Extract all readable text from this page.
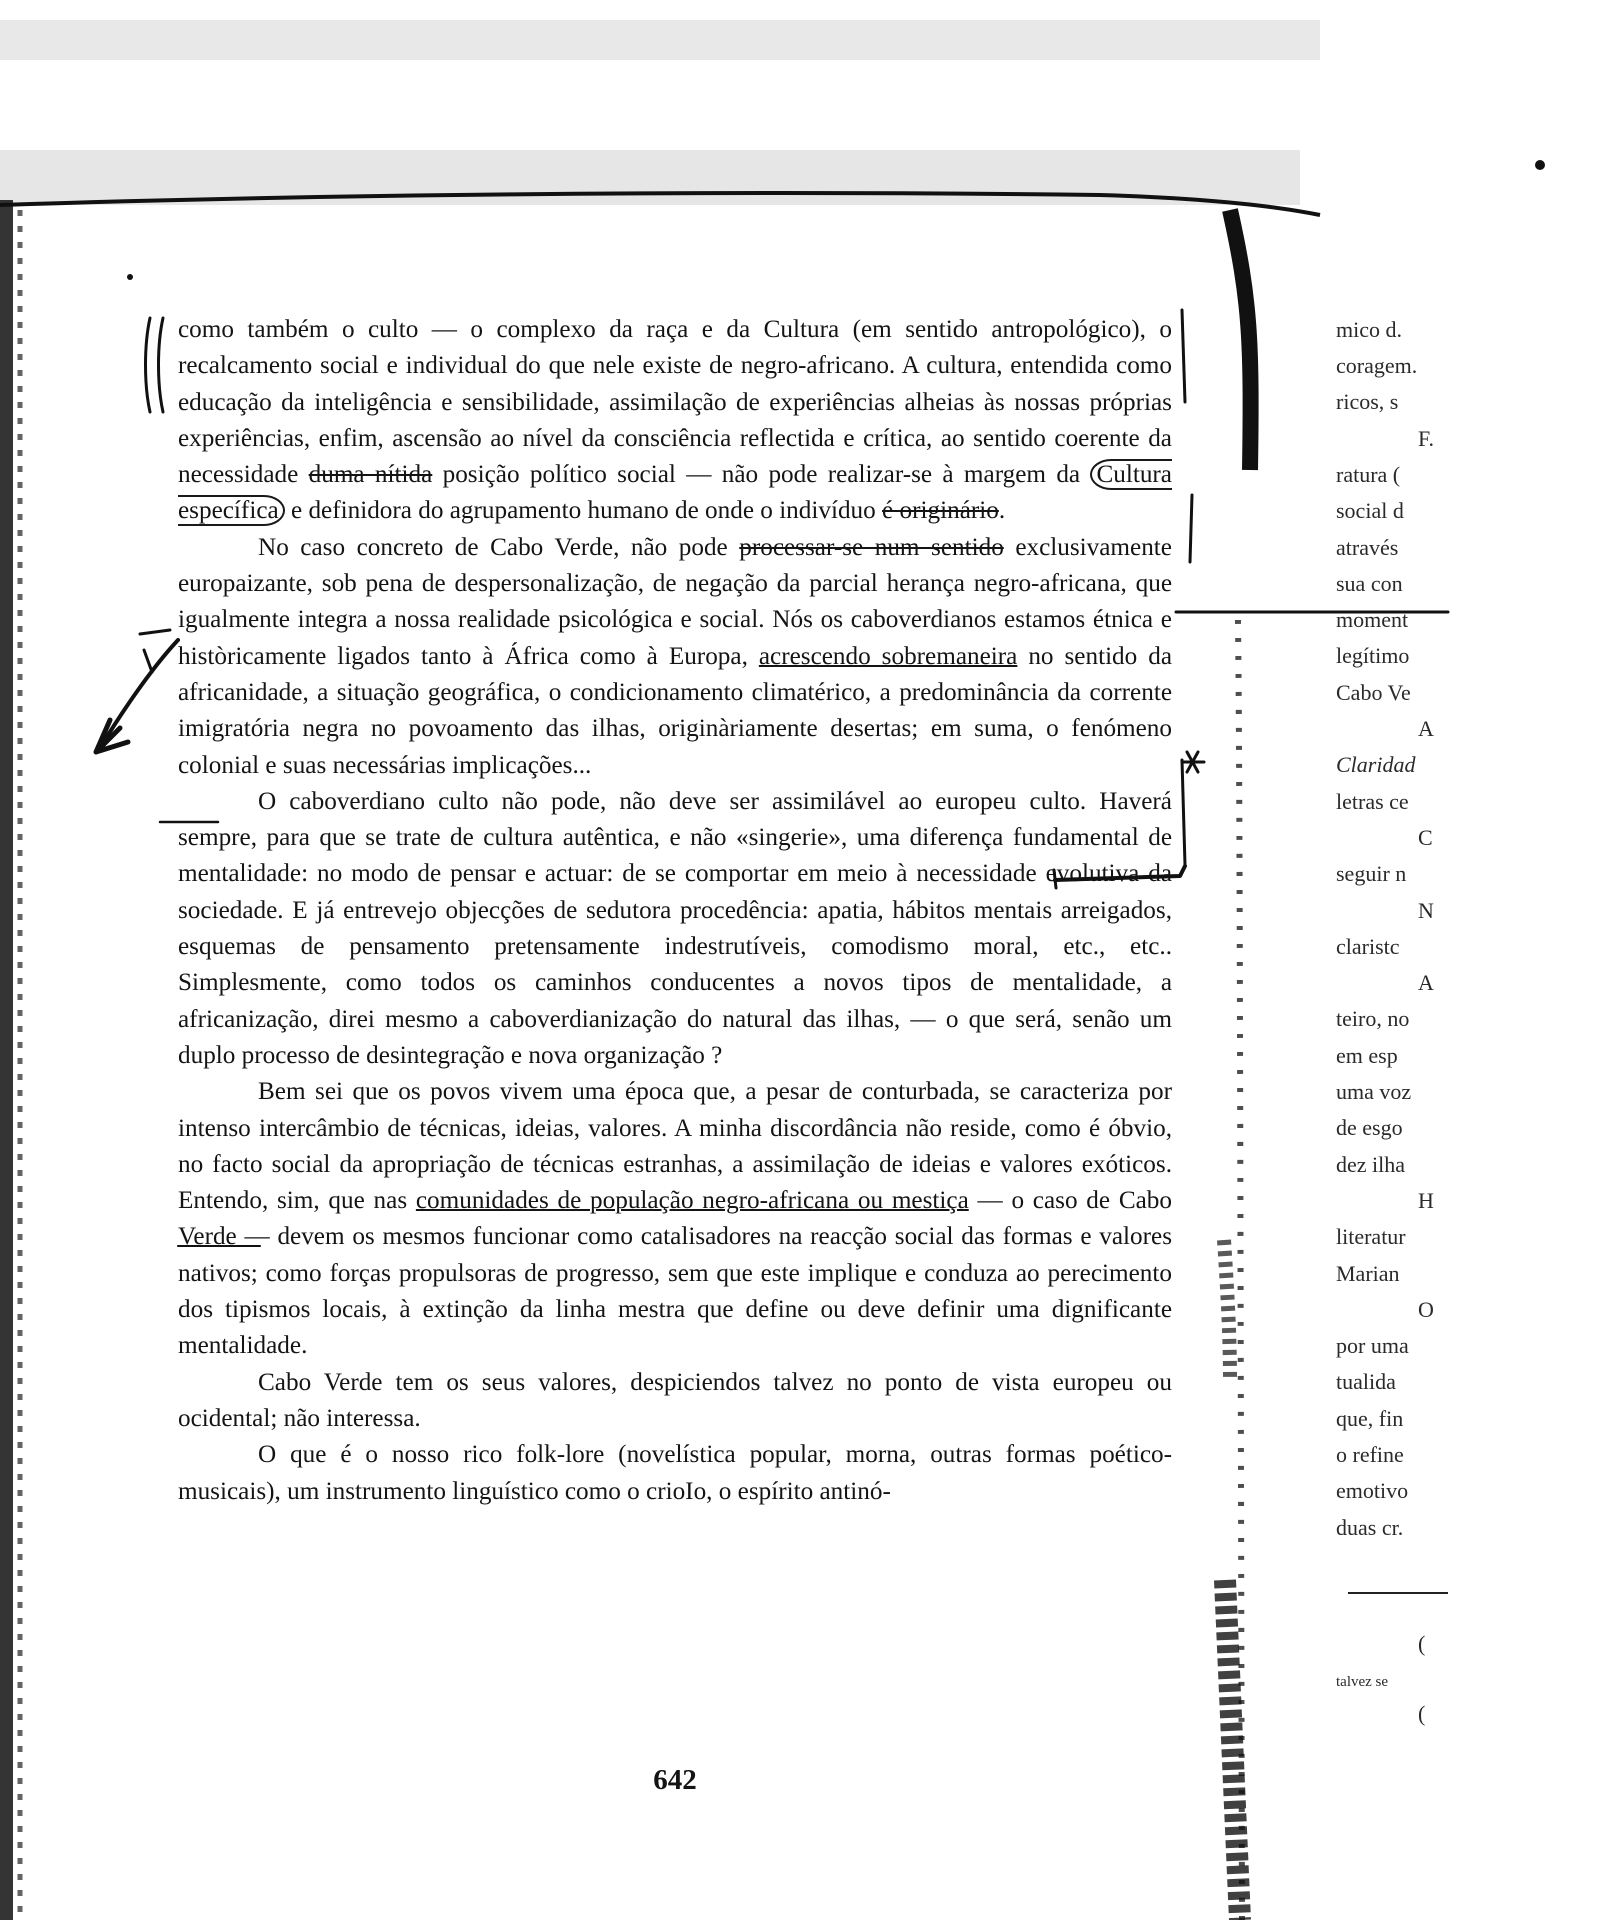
como também o culto — o complexo da raça e da Cultura (em sentido antropológico), o recalcamento social e individual do que nele existe de negro-africano. A cultura, entendida como educação da inteligência e sensibilidade, assimilação de experiências alheias às nossas próprias experiências, enfim, ascensão ao nível da consciência reflectida e crítica, ao sentido coerente da necessidade duma nítida posição político social — não pode realizar-se à margem da Cultura específica e definidora do agrupamento humano de onde o indivíduo é originário.

No caso concreto de Cabo Verde, não pode processar-se num sentido exclusivamente europaizante, sob pena de despersonalização, de negação da parcial herança negro-africana, que igualmente integra a nossa realidade psicológica e social. Nós os caboverdianos estamos étnica e històricamente ligados tanto à África como à Europa, acrescendo sobremaneira no sentido da africanidade, a situação geográfica, o condicionamento climatérico, a predominância da corrente imigratória negra no povoamento das ilhas, originàriamente desertas; em suma, o fenómeno colonial e suas necessárias implicações...

O caboverdiano culto não pode, não deve ser assimilável ao europeu culto. Haverá sempre, para que se trate de cultura autêntica, e não «singerie», uma diferença fundamental de mentalidade: no modo de pensar e actuar: de se comportar em meio à necessidade evolutiva da sociedade. E já entrevejo objecções de sedutora procedência: apatia, hábitos mentais arreigados, esquemas de pensamento pretensamente indestrutíveis, comodismo moral, etc., etc.. Simplesmente, como todos os caminhos conducentes a novos tipos de mentalidade, a africanização, direi mesmo a caboverdianização do natural das ilhas, — o que será, senão um duplo processo de desintegração e nova organização ?

Bem sei que os povos vivem uma época que, a pesar de conturbada, se caracteriza por intenso intercâmbio de técnicas, ideias, valores. A minha discordância não reside, como é óbvio, no facto social da apropriação de técnicas estranhas, a assimilação de ideias e valores exóticos. Entendo, sim, que nas comunidades de população negro-africana ou mestiça — o caso de Cabo Verde — devem os mesmos funcionar como catalisadores na reacção social das formas e valores nativos; como forças propulsoras de progresso, sem que este implique e conduza ao perecimento dos tipismos locais, à extinção da linha mestra que define ou deve definir uma dignificante mentalidade.

Cabo Verde tem os seus valores, despiciendos talvez no ponto de vista europeu ou ocidental; não interessa.

O que é o nosso rico folk-lore (novelística popular, morna, outras formas poético-musicais), um instrumento linguístico como o crioIo, o espírito antinó-

642
mico d.
coragem.
ricos, s
F.
ratura (
social d
através
sua con
moment
legítimo
Cabo Ve
A
Claridad
letras ce
C
seguir n
N
claristc
A
teiro, no
em esp
uma voz
de esgo
dez ilha
H
literatur
Marian
O
por uma
tualida
que, fin
o refine
emotivo
duas cr.
(
talvez se
(
